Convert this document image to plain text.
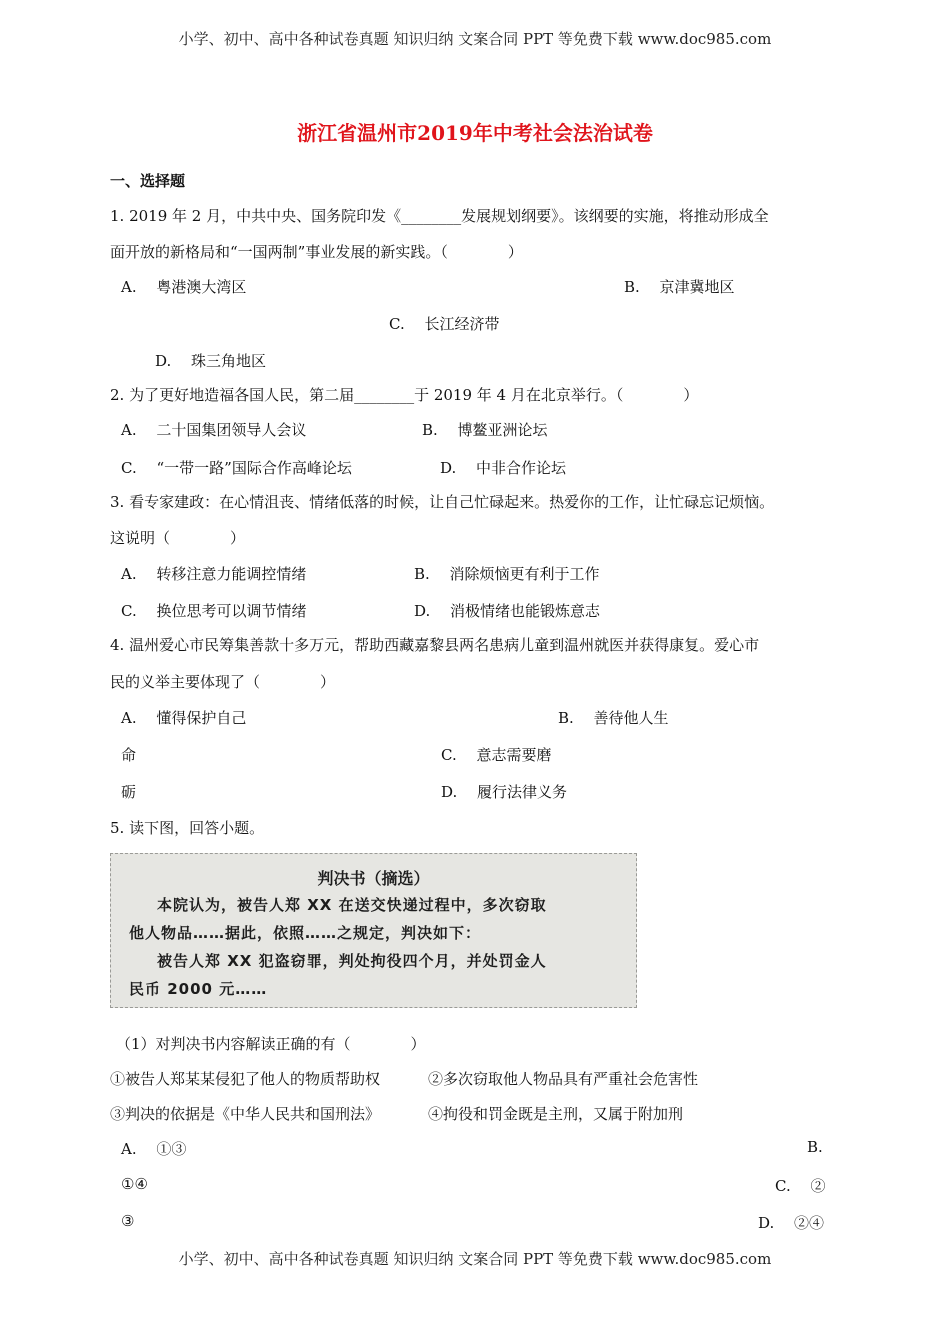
小学、初中、高中各种试卷真题 知识归纳 文案合同 PPT 等免费下载 www.doc985.com
浙江省温州市2019年中考社会法治试卷
一、选择题
1. 2019 年 2 月，中共中央、国务院印发《________发展规划纲要》。该纲要的实施，将推动形成全
面开放的新格局和“一国两制”事业发展的新实践。（　　　　）
A.　 粤港澳大湾区	B.　 京津冀地区
C.　 长江经济带
D.　 珠三角地区
2. 为了更好地造福各国人民，第二届________于 2019 年 4 月在北京举行。（　　　　）
A.　 二十国集团领导人会议	B.　 博鳌亚洲论坛
C.　 “一带一路”国际合作高峰论坛	D.　 中非合作论坛
3. 看专家建政：在心情沮丧、情绪低落的时候，让自己忙碌起来。热爱你的工作，让忙碌忘记烦恼。
这说明（　　　　）
A.　 转移注意力能调控情绪	B.　 消除烦恼更有利于工作
C.　 换位思考可以调节情绪	D.　 消极情绪也能锻炼意志
4. 温州爱心市民筹集善款十多万元，帮助西藏嘉黎县两名患病儿童到温州就医并获得康复。爱心市
民的义举主要体现了（　　　　）
A.　 懂得保护自己	B.　 善待他人生
命	C.　 意志需要磨
砺	D.　 履行法律义务
5. 读下图，回答小题。
判决书（摘选）
本院认为，被告人郑 XX 在送交快递过程中，多次窃取
他人物品……据此，依照……之规定，判决如下：
被告人郑 XX 犯盗窃罪，判处拘役四个月，并处罚金人
民币 2000 元……
（1）对判决书内容解读正确的有（　　　　）
①被告人郑某某侵犯了他人的物质帮助权	②多次窃取他人物品具有严重社会危害性
③判决的依据是《中华人民共和国刑法》	④拘役和罚金既是主刑，又属于附加刑
A.　 ①③	B.
①④	C.　 ②
③	D.　 ②④
小学、初中、高中各种试卷真题 知识归纳 文案合同 PPT 等免费下载 www.doc985.com
